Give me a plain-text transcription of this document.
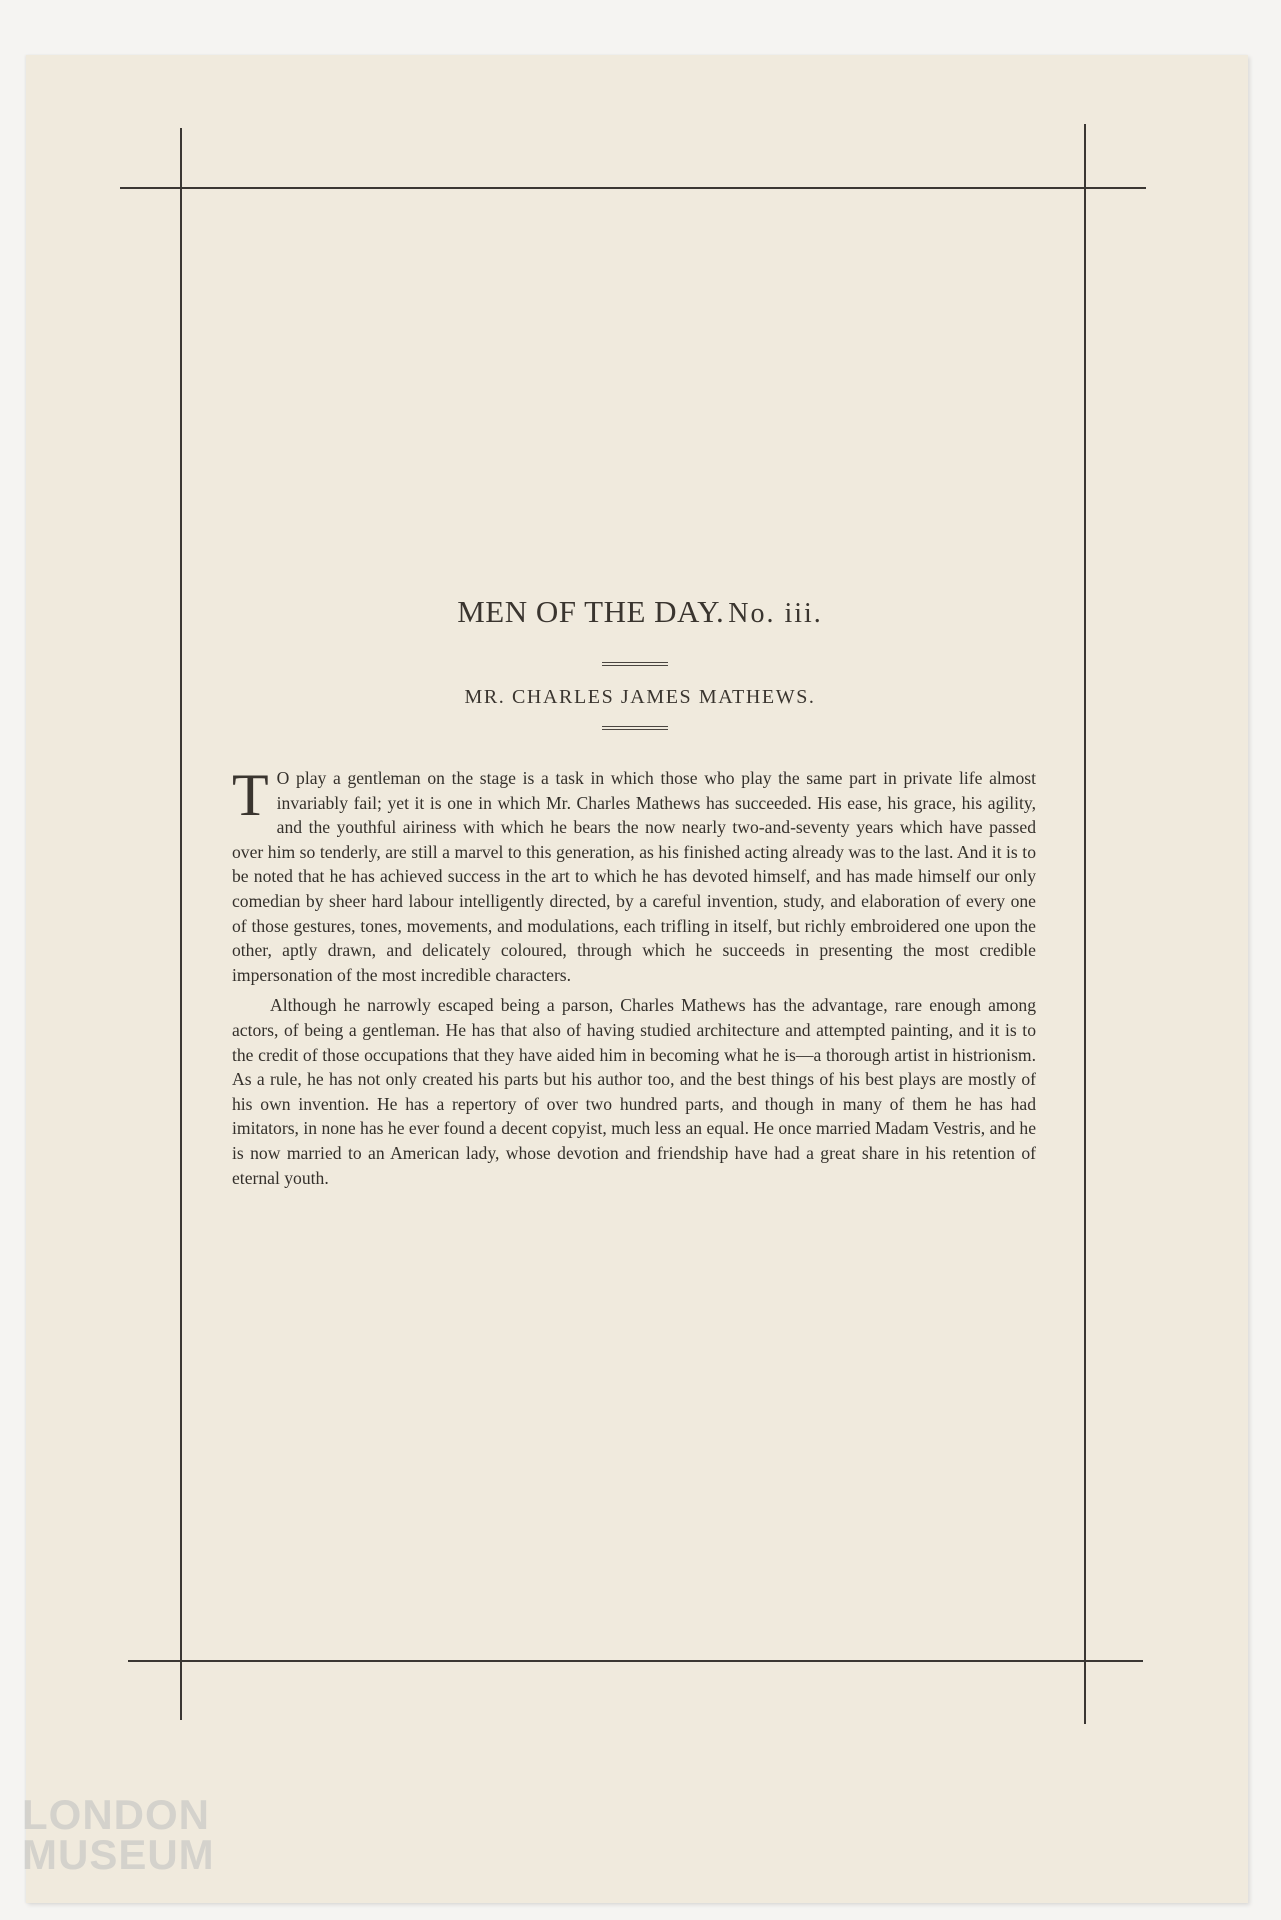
MEN OF THE DAY. No. iii.
MR. CHARLES JAMES MATHEWS.

T O play a gentleman on the stage is a task in which those who play the same part in private life almost invariably fail; yet it is one in which Mr. Charles Mathews has succeeded. His ease, his grace, his agility, and the youthful airiness with which he bears the now nearly two-and-seventy years which have passed over him so tenderly, are still a marvel to this generation, as his finished acting already was to the last. And it is to be noted that he has achieved success in the art to which he has devoted himself, and has made himself our only comedian by sheer hard labour intelligently directed, by a careful invention, study, and elaboration of every one of those gestures, tones, movements, and modulations, each trifling in itself, but richly embroidered one upon the other, aptly drawn, and delicately coloured, through which he succeeds in presenting the most credible impersonation of the most incredible characters.

Although he narrowly escaped being a parson, Charles Mathews has the advantage, rare enough among actors, of being a gentleman. He has that also of having studied architecture and attempted painting, and it is to the credit of those occupations that they have aided him in becoming what he is—a thorough artist in histrionism. As a rule, he has not only created his parts but his author too, and the best things of his best plays are mostly of his own invention. He has a repertory of over two hundred parts, and though in many of them he has had imitators, in none has he ever found a decent copyist, much less an equal. He once married Madam Vestris, and he is now married to an American lady, whose devotion and friendship have had a great share in his retention of eternal youth.

LONDON
MUSEUM
